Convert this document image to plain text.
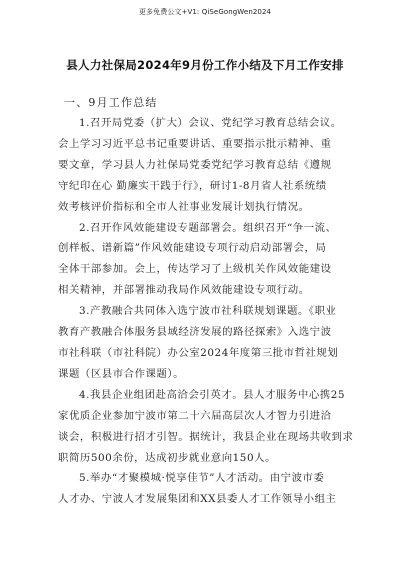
更多免费公文+V1: QiSeGongWen2024
县人力社保局2024年9月份工作小结及下月工作安排
一、9月工作总结

1.召开局党委（扩大）会议、党纪学习教育总结会议。
会上学习习近平总书记重要讲话、重要指示批示精神、重
要文章，学习县人力社保局党委党纪学习教育总结《遵规
守纪印在心 勤廉实干践于行》，研讨1-8月省人社系统绩
效考核评价指标和全市人社事业发展计划执行情况。

2.召开作风效能建设专题部署会。组织召开“争一流、
创样板、谱新篇”作风效能建设专项行动启动部署会，局
全体干部参加。会上，传达学习了上级机关作风效能建设
相关精神，并部署推动我局作风效能建设专项行动。

3.产教融合共同体入选宁波市社科联规划课题。《职业
教育产教融合体服务县域经济发展的路径探索》入选宁波
市社科联（市社科院）办公室2024年度第三批市哲社规划
课题（区县市合作课题）。

4.我县企业组团赴高洽会引英才。县人才服务中心携25
家优质企业参加宁波市第二十六届高层次人才智力引进洽
谈会，积极进行招才引智。据统计，我县企业在现场共收到求
职简历500余份，达成初步就业意向150人。

5.举办“才聚模城·悦享佳节”人才活动。由宁波市委
人才办、宁波人才发展集团和XX县委人才工作领导小组主
